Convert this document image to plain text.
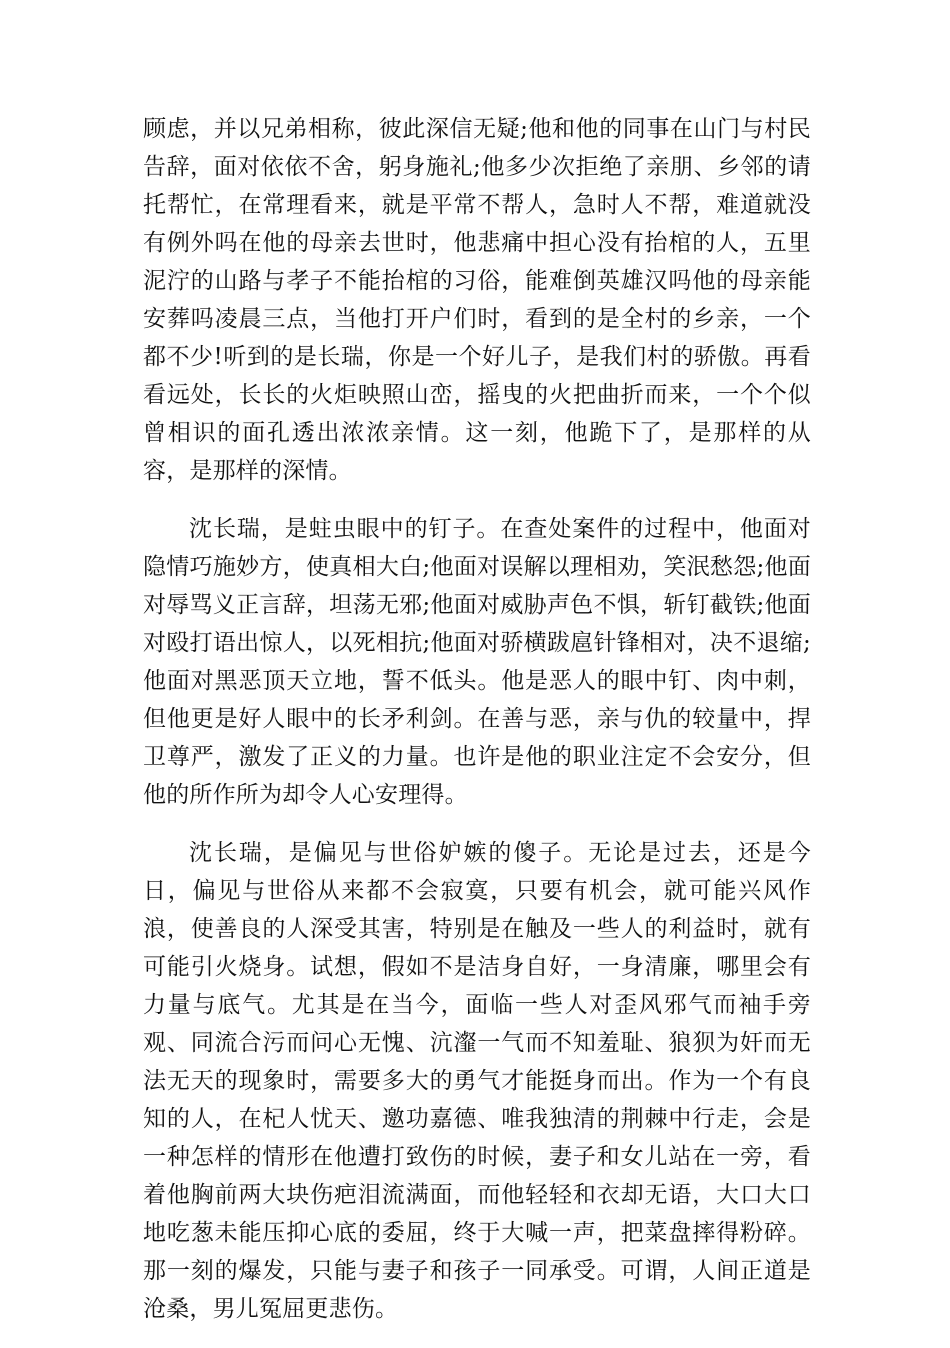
顾虑，并以兄弟相称，彼此深信无疑;他和他的同事在山门与村民告辞，面对依依不舍，躬身施礼;他多少次拒绝了亲朋、乡邻的请托帮忙，在常理看来，就是平常不帮人，急时人不帮，难道就没有例外吗在他的母亲去世时，他悲痛中担心没有抬棺的人，五里泥泞的山路与孝子不能抬棺的习俗，能难倒英雄汉吗他的母亲能安葬吗凌晨三点，当他打开户们时，看到的是全村的乡亲，一个都不少!听到的是长瑞，你是一个好儿子，是我们村的骄傲。再看看远处，长长的火炬映照山峦，摇曳的火把曲折而来，一个个似曾相识的面孔透出浓浓亲情。这一刻，他跪下了，是那样的从容，是那样的深情。

沈长瑞，是蛀虫眼中的钉子。在查处案件的过程中，他面对隐情巧施妙方，使真相大白;他面对误解以理相劝，笑泯愁怨;他面对辱骂义正言辞，坦荡无邪;他面对威胁声色不惧，斩钉截铁;他面对殴打语出惊人，以死相抗;他面对骄横跋扈针锋相对，决不退缩;他面对黑恶顶天立地，誓不低头。他是恶人的眼中钉、肉中刺，但他更是好人眼中的长矛利剑。在善与恶，亲与仇的较量中，捍卫尊严，激发了正义的力量。也许是他的职业注定不会安分，但他的所作所为却令人心安理得。

沈长瑞，是偏见与世俗妒嫉的傻子。无论是过去，还是今日，偏见与世俗从来都不会寂寞，只要有机会，就可能兴风作浪，使善良的人深受其害，特别是在触及一些人的利益时，就有可能引火烧身。试想，假如不是洁身自好，一身清廉，哪里会有力量与底气。尤其是在当今，面临一些人对歪风邪气而袖手旁观、同流合污而问心无愧、沆瀣一气而不知羞耻、狼狈为奸而无法无天的现象时，需要多大的勇气才能挺身而出。作为一个有良知的人，在杞人忧天、邀功嘉德、唯我独清的荆棘中行走，会是一种怎样的情形在他遭打致伤的时候，妻子和女儿站在一旁，看着他胸前两大块伤疤泪流满面，而他轻轻和衣却无语，大口大口地吃葱未能压抑心底的委屈，终于大喊一声，把菜盘摔得粉碎。那一刻的爆发，只能与妻子和孩子一同承受。可谓，人间正道是沧桑，男儿冤屈更悲伤。
